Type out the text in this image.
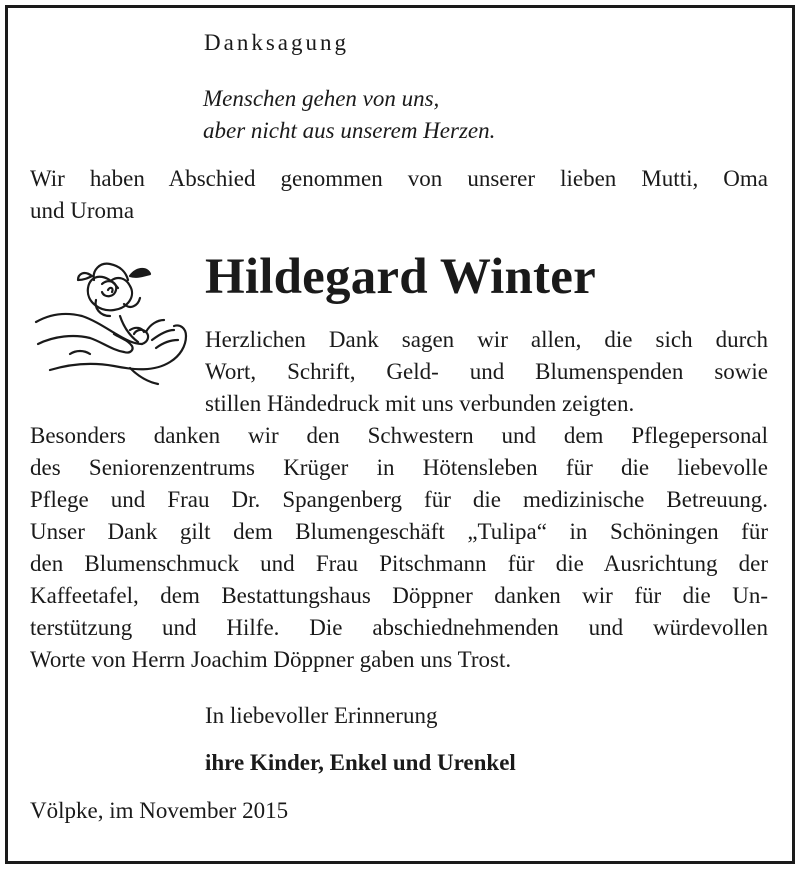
Danksagung
Menschen gehen von uns,
aber nicht aus unserem Herzen.
Wir haben Abschied genommen von unserer lieben Mutti, Oma
und Uroma
Hildegard Winter
Herzlichen Dank sagen wir allen, die sich durch
Wort, Schrift, Geld- und Blumenspenden sowie
stillen Händedruck mit uns verbunden zeigten.
Besonders danken wir den Schwestern und dem Pflegepersonal
des Seniorenzentrums Krüger in Hötensleben für die liebevolle
Pflege und Frau Dr. Spangenberg für die medizinische Betreuung.
Unser Dank gilt dem Blumengeschäft „Tulipa“ in Schöningen für
den Blumenschmuck und Frau Pitschmann für die Ausrichtung der
Kaffeetafel, dem Bestattungshaus Döppner danken wir für die Un-
terstützung und Hilfe. Die abschiednehmenden und würdevollen
Worte von Herrn Joachim Döppner gaben uns Trost.
In liebevoller Erinnerung
ihre Kinder, Enkel und Urenkel
Völpke, im November 2015
